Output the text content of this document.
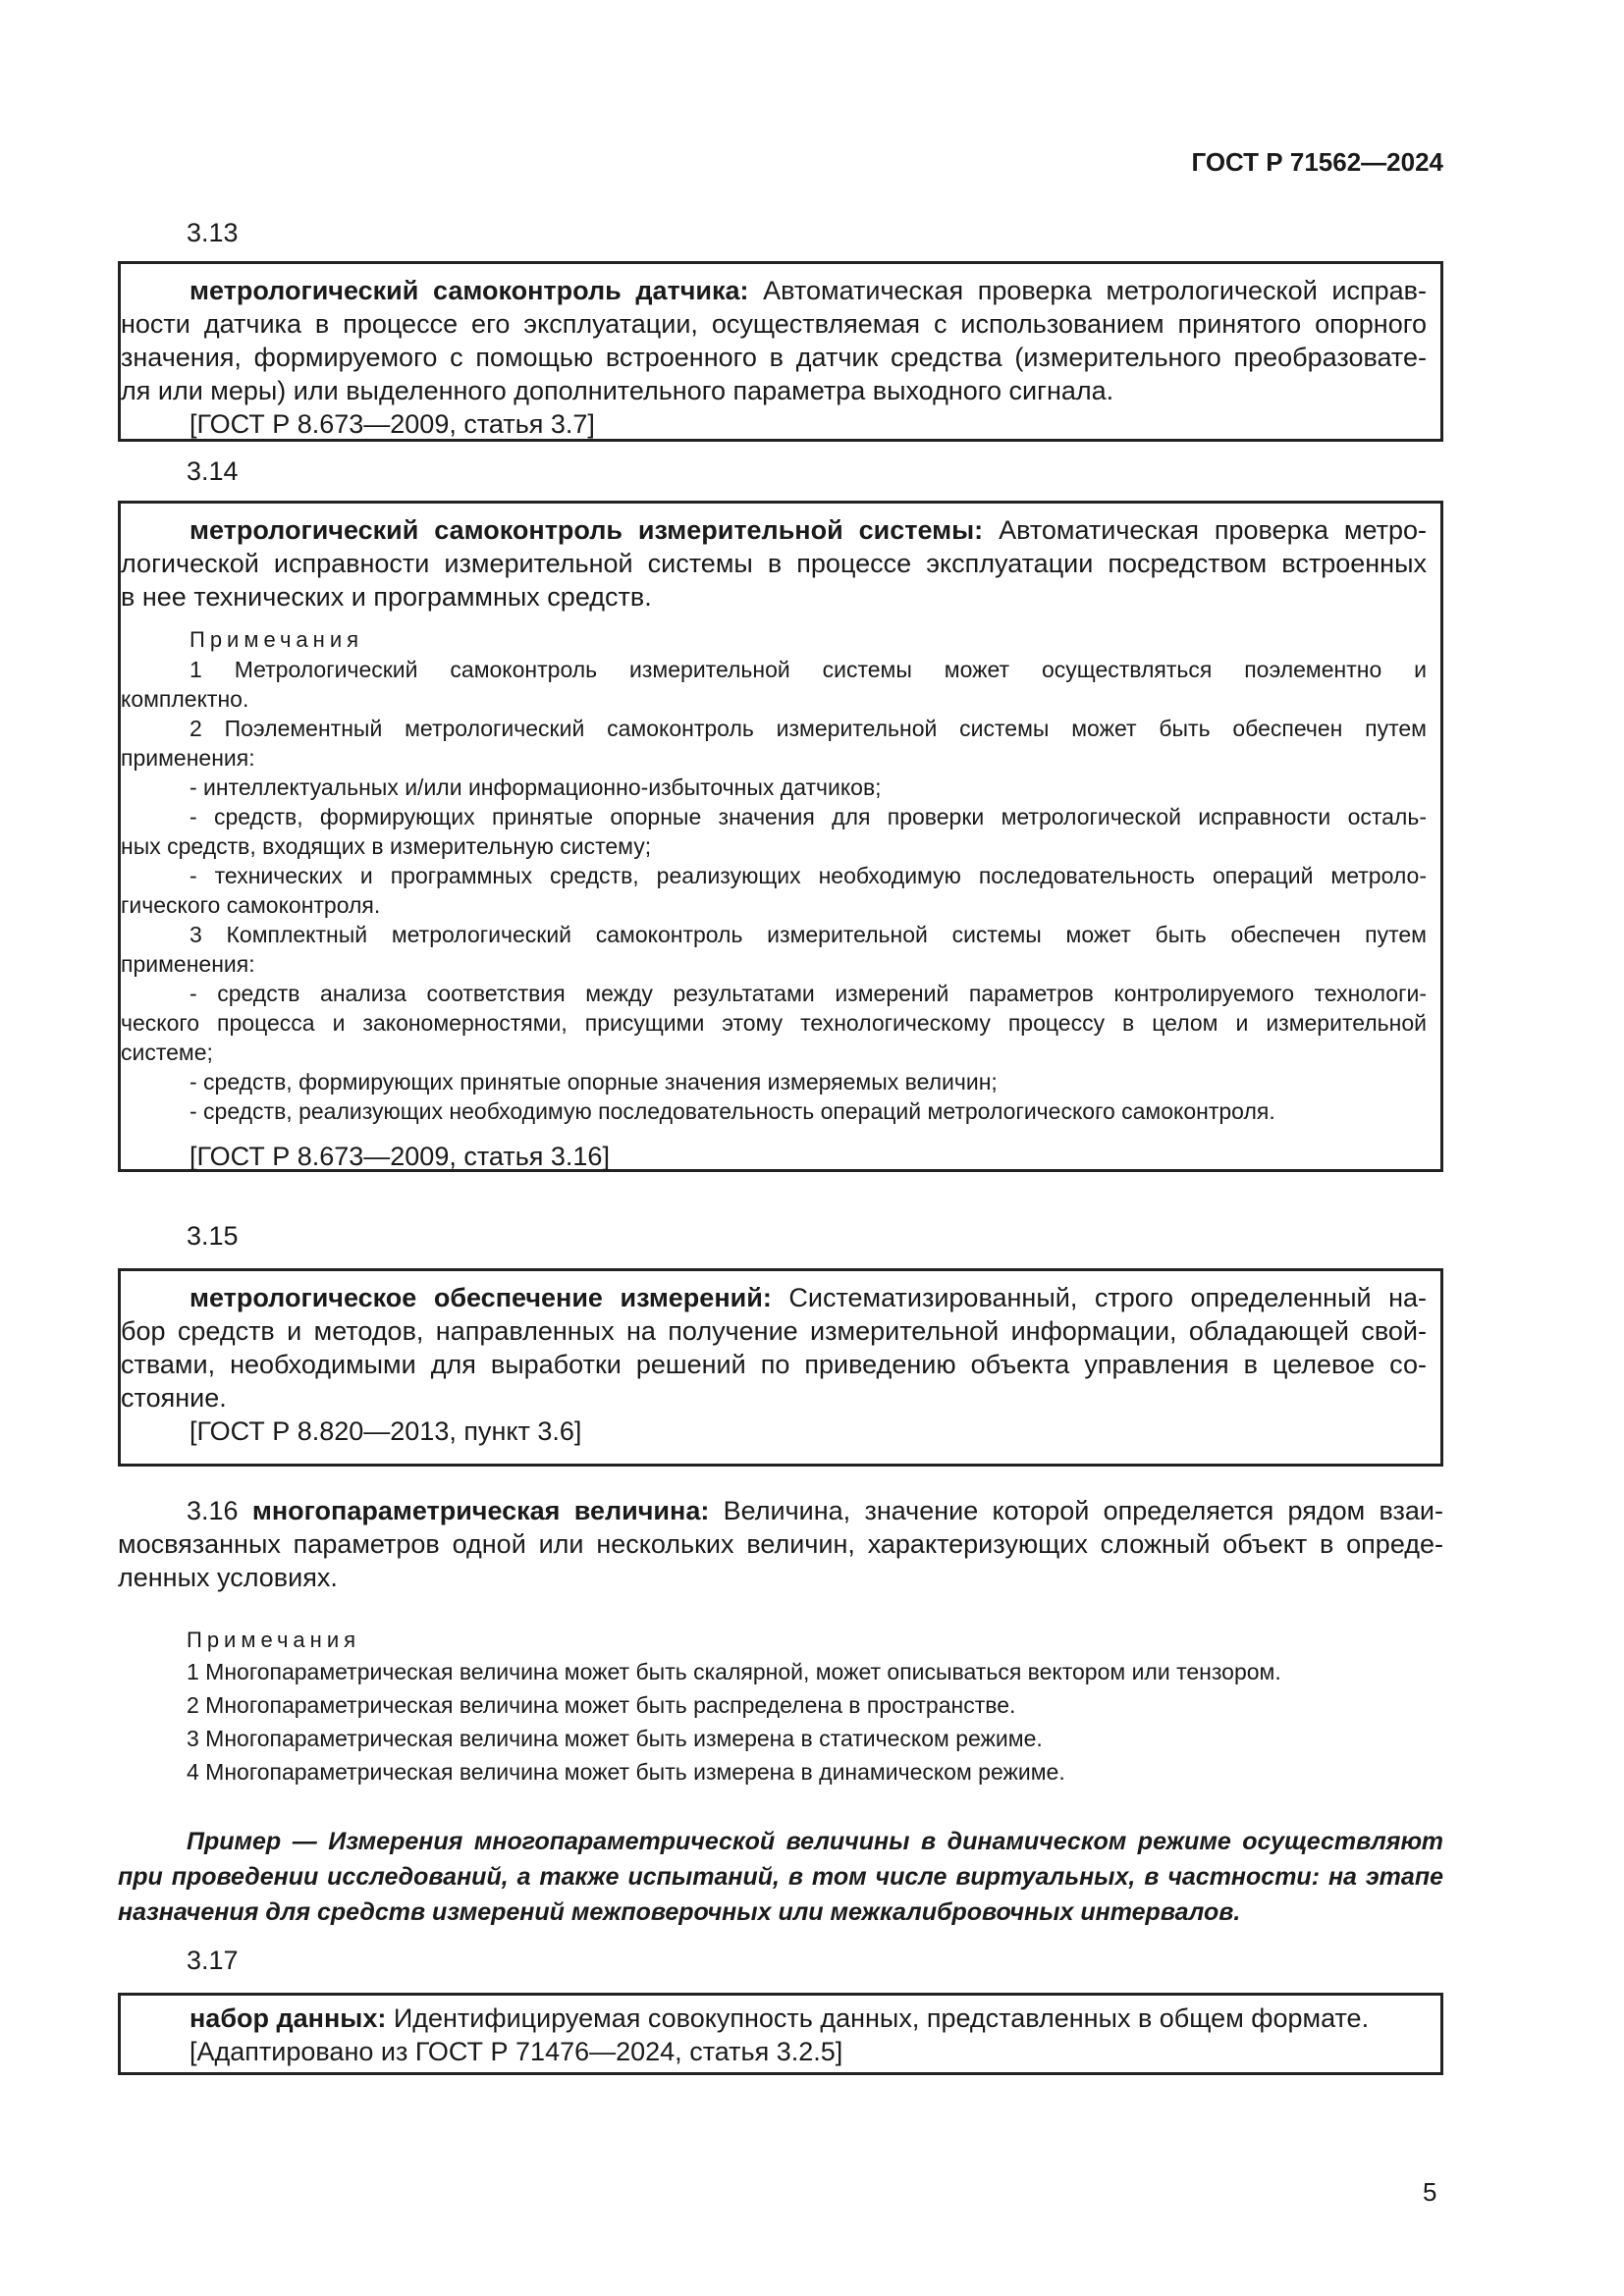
ГОСТ Р 71562—2024
3.13
метрологический самоконтроль датчика: Автоматическая проверка метрологической исправ-
ности датчика в процессе его эксплуатации, осуществляемая с использованием принятого опорного
значения, формируемого с помощью встроенного в датчик средства (измерительного преобразовате-
ля или меры) или выделенного дополнительного параметра выходного сигнала.
[ГОСТ Р 8.673—2009, статья 3.7]
3.14
метрологический самоконтроль измерительной системы: Автоматическая проверка метро-
логической исправности измерительной системы в процессе эксплуатации посредством встроенных
в нее технических и программных средств.
Примечания
1 Метрологический самоконтроль измерительной системы может осуществляться поэлементно и
комплектно.
2 Поэлементный метрологический самоконтроль измерительной системы может быть обеспечен путем
применения:
- интеллектуальных и/или информационно-избыточных датчиков;
- средств, формирующих принятые опорные значения для проверки метрологической исправности осталь-
ных средств, входящих в измерительную систему;
- технических и программных средств, реализующих необходимую последовательность операций метроло-
гического самоконтроля.
3 Комплектный метрологический самоконтроль измерительной системы может быть обеспечен путем
применения:
- средств анализа соответствия между результатами измерений параметров контролируемого технологи-
ческого процесса и закономерностями, присущими этому технологическому процессу в целом и измерительной
системе;
- средств, формирующих принятые опорные значения измеряемых величин;
- средств, реализующих необходимую последовательность операций метрологического самоконтроля.
[ГОСТ Р 8.673—2009, статья 3.16]
3.15
метрологическое обеспечение измерений: Систематизированный, строго определенный на-
бор средств и методов, направленных на получение измерительной информации, обладающей свой-
ствами, необходимыми для выработки решений по приведению объекта управления в целевое со-
стояние.
[ГОСТ Р 8.820—2013, пункт 3.6]
3.16 многопараметрическая величина: Величина, значение которой определяется рядом взаи-
мосвязанных параметров одной или нескольких величин, характеризующих сложный объект в опреде-
ленных условиях.
Примечания
1 Многопараметрическая величина может быть скалярной, может описываться вектором или тензором.
2 Многопараметрическая величина может быть распределена в пространстве.
3 Многопараметрическая величина может быть измерена в статическом режиме.
4 Многопараметрическая величина может быть измерена в динамическом режиме.
Пример — Измерения многопараметрической величины в динамическом режиме осуществляют
при проведении исследований, а также испытаний, в том числе виртуальных, в частности: на этапе
назначения для средств измерений межповерочных или межкалибровочных интервалов.
3.17
набор данных: Идентифицируемая совокупность данных, представленных в общем формате.
[Адаптировано из ГОСТ Р 71476—2024, статья 3.2.5]
5
